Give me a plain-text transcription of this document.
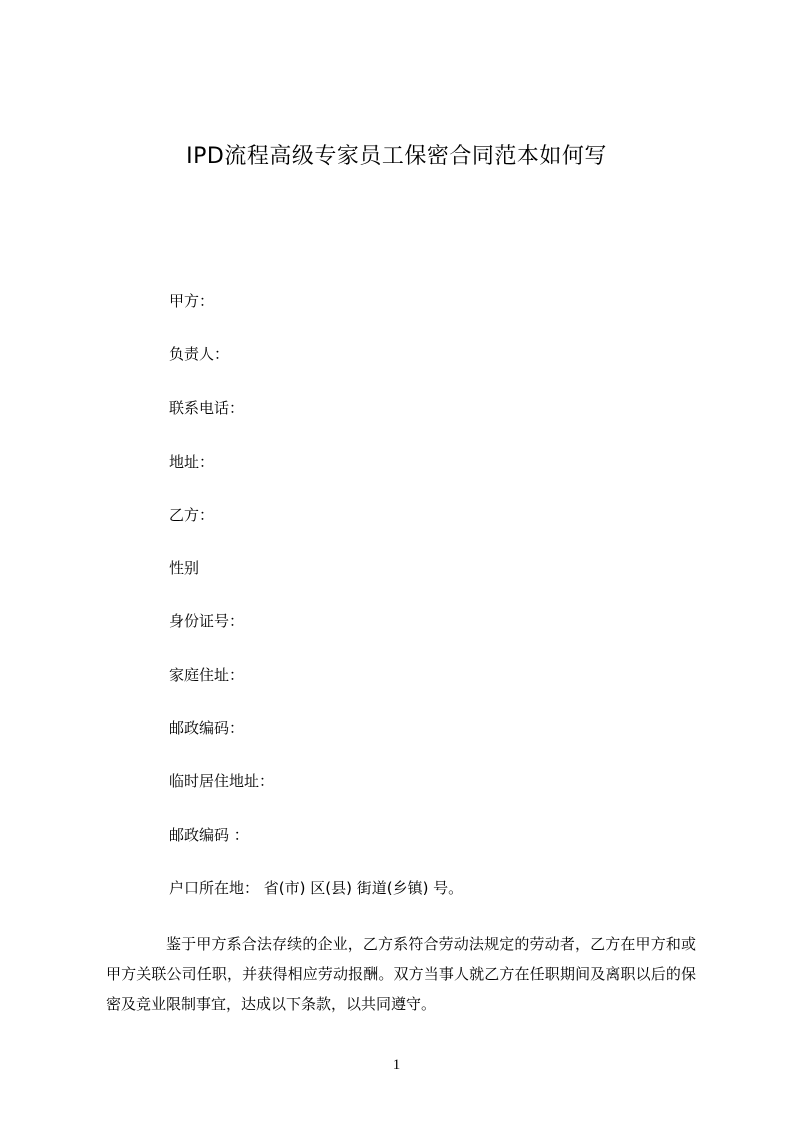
IPD流程高级专家员工保密合同范本如何写
甲方：
负责人：
联系电话：
地址：
乙方：
性别
身份证号：
家庭住址：
邮政编码：
临时居住地址：
邮政编码 ：
户口所在地： 省(市) 区(县) 街道(乡镇) 号。
鉴于甲方系合法存续的企业，乙方系符合劳动法规定的劳动者，乙方在甲方和或甲方关联公司任职，并获得相应劳动报酬。双方当事人就乙方在任职期间及离职以后的保密及竞业限制事宜，达成以下条款，以共同遵守。
1
